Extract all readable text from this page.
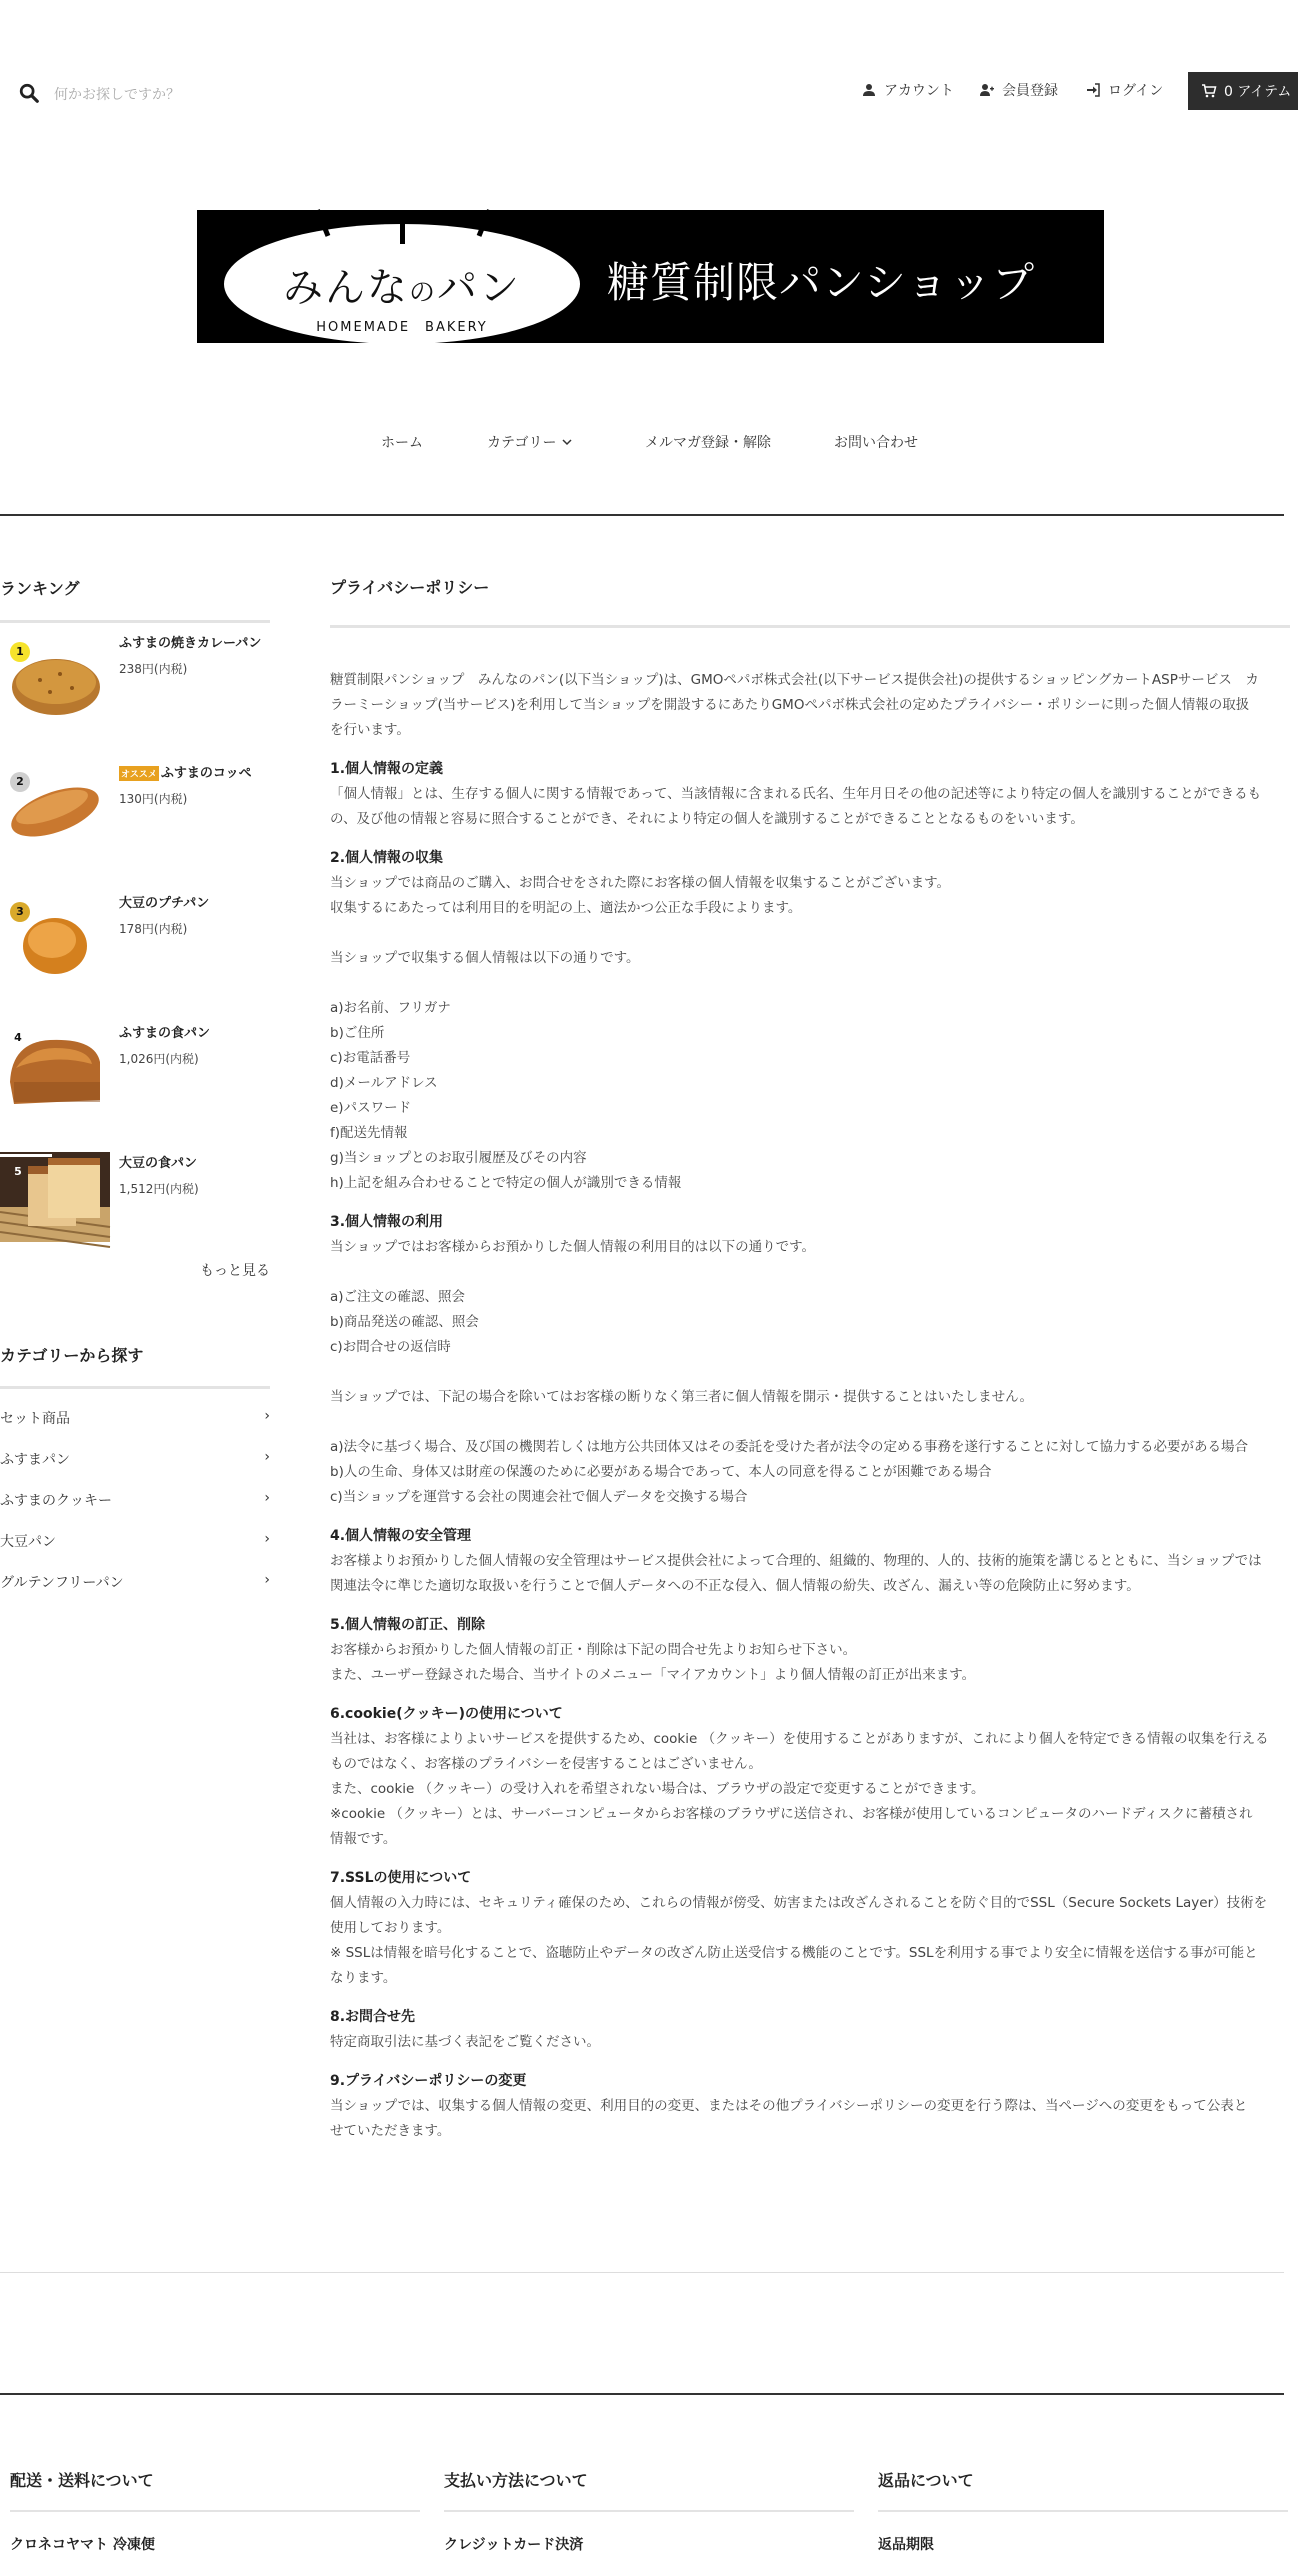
何かお探しですか？
アカウント	会員登録	ログイン	0 アイテム
みんなのパン
HOMEMADE　BAKERY
糖質制限パンショップ
ホーム	カテゴリー	メルマガ登録・解除	お問い合わせ
ランキング
1
ふすまの焼きカレーパン
238円(内税)
2	オススメ ふすまのコッペ
130円(内税)
3
大豆のプチパン
178円(内税)
4	ふすまの食パン
1,026円(内税)
5
大豆の食パン
1,512円(内税)
もっと見る
カテゴリーから探す
セット商品	›
ふすまパン	›
ふすまのクッキー	›
大豆パン	›
グルテンフリーパン	›
プライバシーポリシー

糖質制限パンショップ　みんなのパン(以下当ショップ)は、GMOペパボ株式会社(以下サービス提供会社)の提供するショッピングカートASPサービス　カ
ラーミーショップ(当サービス)を利用して当ショップを開設するにあたりGMOペパボ株式会社の定めたプライバシー・ポリシーに則った個人情報の取扱
を行います。

1.個人情報の定義

「個人情報」とは、生存する個人に関する情報であって、当該情報に含まれる氏名、生年月日その他の記述等により特定の個人を識別することができるも
の、及び他の情報と容易に照合することができ、それにより特定の個人を識別することができることとなるものをいいます。

2.個人情報の収集

当ショップでは商品のご購入、お問合せをされた際にお客様の個人情報を収集することがございます。
収集するにあたっては利用目的を明記の上、適法かつ公正な手段によります。

当ショップで収集する個人情報は以下の通りです。

a)お名前、フリガナ
b)ご住所
c)お電話番号
d)メールアドレス
e)パスワード
f)配送先情報
g)当ショップとのお取引履歴及びその内容
h)上記を組み合わせることで特定の個人が識別できる情報

3.個人情報の利用

当ショップではお客様からお預かりした個人情報の利用目的は以下の通りです。

a)ご注文の確認、照会
b)商品発送の確認、照会
c)お問合せの返信時

当ショップでは、下記の場合を除いてはお客様の断りなく第三者に個人情報を開示・提供することはいたしません。

a)法令に基づく場合、及び国の機関若しくは地方公共団体又はその委託を受けた者が法令の定める事務を遂行することに対して協力する必要がある場合
b)人の生命、身体又は財産の保護のために必要がある場合であって、本人の同意を得ることが困難である場合
c)当ショップを運営する会社の関連会社で個人データを交換する場合

4.個人情報の安全管理

お客様よりお預かりした個人情報の安全管理はサービス提供会社によって合理的、組織的、物理的、人的、技術的施策を講じるとともに、当ショップでは
関連法令に準じた適切な取扱いを行うことで個人データへの不正な侵入、個人情報の紛失、改ざん、漏えい等の危険防止に努めます。

5.個人情報の訂正、削除

お客様からお預かりした個人情報の訂正・削除は下記の問合せ先よりお知らせ下さい。
また、ユーザー登録された場合、当サイトのメニュー「マイアカウント」より個人情報の訂正が出来ます。

6.cookie(クッキー)の使用について

当社は、お客様によりよいサービスを提供するため、cookie （クッキー）を使用することがありますが、これにより個人を特定できる情報の収集を行える
ものではなく、お客様のプライバシーを侵害することはございません。
また、cookie （クッキー）の受け入れを希望されない場合は、ブラウザの設定で変更することができます。
※cookie （クッキー）とは、サーバーコンピュータからお客様のブラウザに送信され、お客様が使用しているコンピュータのハードディスクに蓄積され
情報です。

7.SSLの使用について

個人情報の入力時には、セキュリティ確保のため、これらの情報が傍受、妨害または改ざんされることを防ぐ目的でSSL（Secure Sockets Layer）技術を
使用しております。
※ SSLは情報を暗号化することで、盗聴防止やデータの改ざん防止送受信する機能のことです。SSLを利用する事でより安全に情報を送信する事が可能と
なります。

8.お問合せ先

特定商取引法に基づく表記をご覧ください。

9.プライバシーポリシーの変更

当ショップでは、収集する個人情報の変更、利用目的の変更、またはその他プライバシーポリシーの変更を行う際は、当ページへの変更をもって公表と
せていただきます。

配送・送料について
クロネコヤマト 冷凍便
支払い方法について
クレジットカード決済
返品について
返品期限
